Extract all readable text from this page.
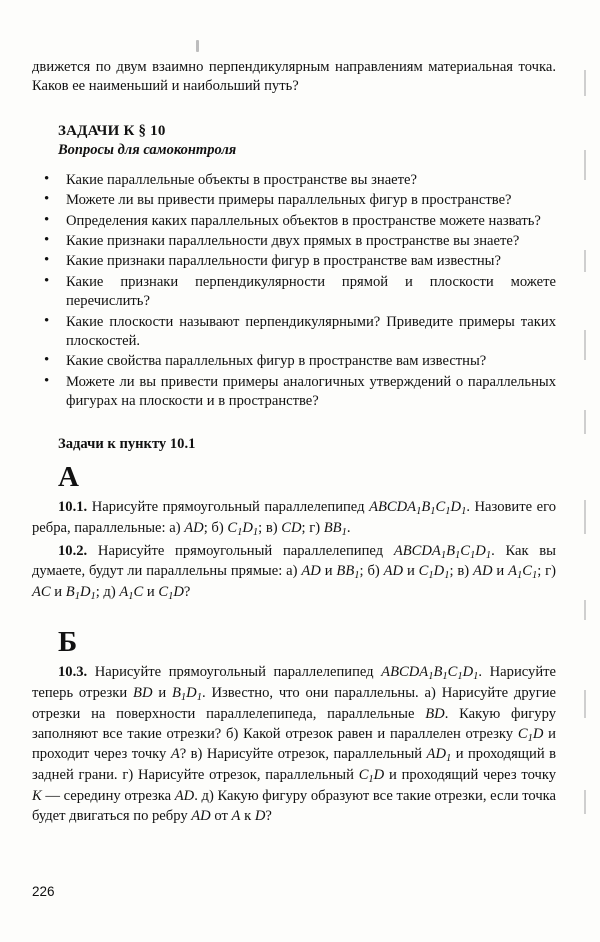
движется по двум взаимно перпендикулярным направлениям материальная точка. Каков ее наименьший и наибольший путь?

ЗАДАЧИ К § 10
Вопросы для самоконтроля
• Какие параллельные объекты в пространстве вы знаете?
• Можете ли вы привести примеры параллельных фигур в пространстве?
• Определения каких параллельных объектов в пространстве можете назвать?
• Какие признаки параллельности двух прямых в пространстве вы знаете?
• Какие признаки параллельности фигур в пространстве вам известны?
• Какие признаки перпендикулярности прямой и плоскости можете перечислить?
• Какие плоскости называют перпендикулярными? Приведите примеры таких плоскостей.
• Какие свойства параллельных фигур в пространстве вам известны?
• Можете ли вы привести примеры аналогичных утверждений о параллельных фигурах на плоскости и в пространстве?
Задачи к пункту 10.1
А

10.1. Нарисуйте прямоугольный параллелепипед $ABCDA_1B_1C_1D_1$. Назовите его ребра, параллельные: а) AD; б) $C_1D_1$; в) CD; г) $BB_1$.

10.2. Нарисуйте прямоугольный параллелепипед $ABCDA_1B_1C_1D_1$. Как вы думаете, будут ли параллельны прямые: а) AD и $BB_1$; б) AD и $C_1D_1$; в) AD и $A_1C_1$; г) AC и $B_1D_1$; д) $A_1C$ и $C_1D$?

Б

10.3. Нарисуйте прямоугольный параллелепипед $ABCDA_1B_1C_1D_1$. Нарисуйте теперь отрезки BD и $B_1D_1$. Известно, что они параллельны. а) Нарисуйте другие отрезки на поверхности параллелепипеда, параллельные BD. Какую фигуру заполняют все такие отрезки? б) Какой отрезок равен и параллелен отрезку $C_1D$ и проходит через точку A? в) Нарисуйте отрезок, параллельный $AD_1$ и проходящий в задней грани. г) Нарисуйте отрезок, параллельный $C_1D$ и проходящий через точку K — середину отрезка AD. д) Какую фигуру образуют все такие отрезки, если точка будет двигаться по ребру AD от A к D?

226
